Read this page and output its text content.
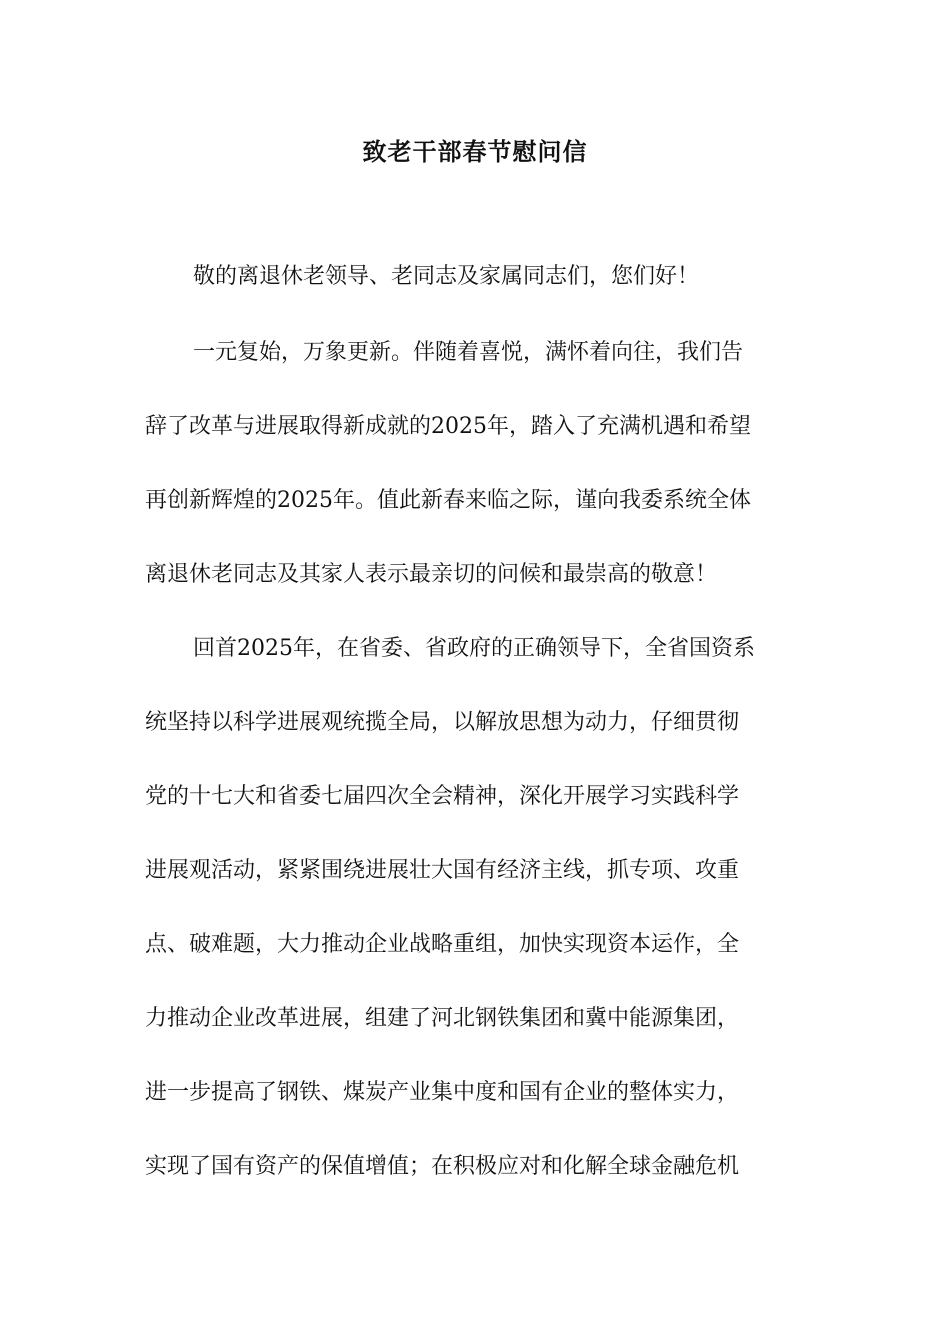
致老干部春节慰问信
敬的离退休老领导、老同志及家属同志们，您们好！
一元复始，万象更新。伴随着喜悦，满怀着向往，我们告
辞了改革与进展取得新成就的2025年，踏入了充满机遇和希望
再创新辉煌的2025年。值此新春来临之际，谨向我委系统全体
离退休老同志及其家人表示最亲切的问候和最崇高的敬意！
回首2025年，在省委、省政府的正确领导下，全省国资系
统坚持以科学进展观统揽全局，以解放思想为动力，仔细贯彻
党的十七大和省委七届四次全会精神，深化开展学习实践科学
进展观活动，紧紧围绕进展壮大国有经济主线，抓专项、攻重
点、破难题，大力推动企业战略重组，加快实现资本运作，全
力推动企业改革进展，组建了河北钢铁集团和冀中能源集团，
进一步提高了钢铁、煤炭产业集中度和国有企业的整体实力，
实现了国有资产的保值增值；在积极应对和化解全球金融危机
